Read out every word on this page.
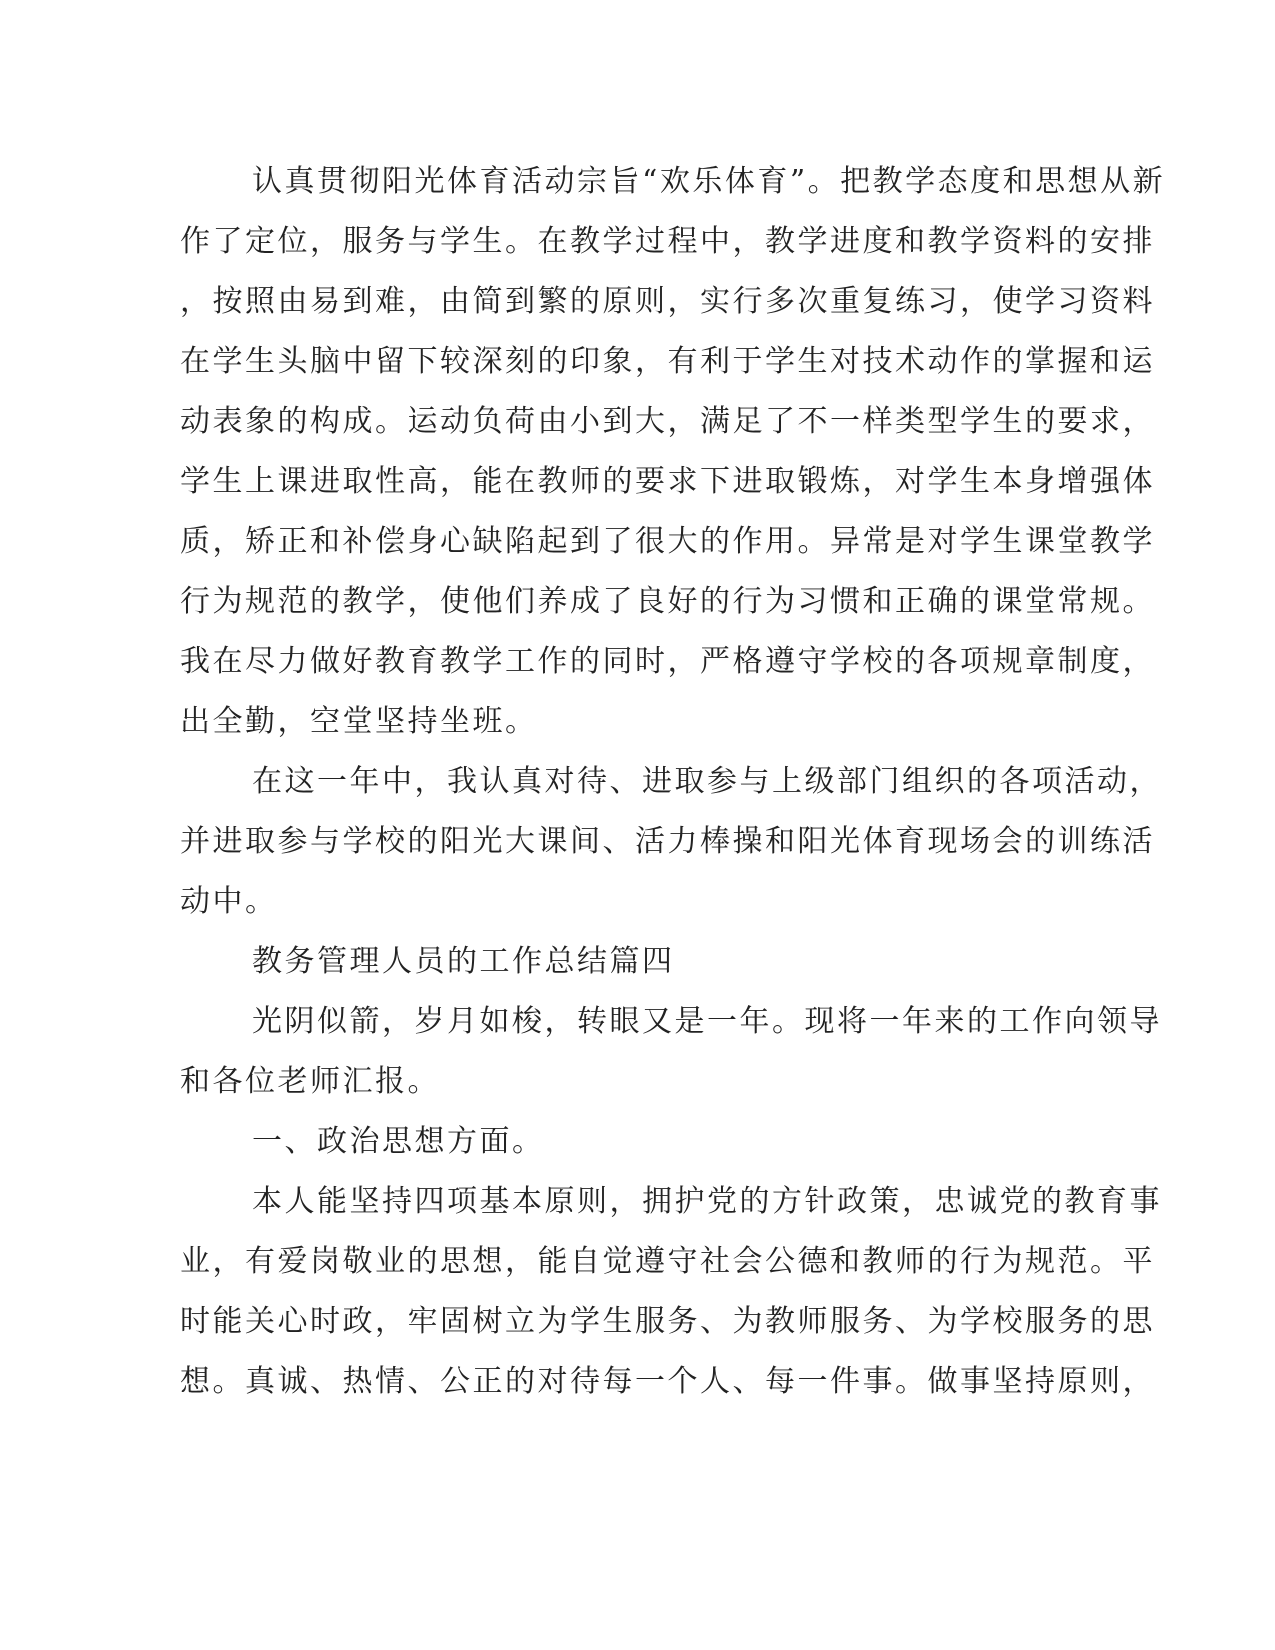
认真贯彻阳光体育活动宗旨“欢乐体育”。把教学态度和思想从新
作了定位，服务与学生。在教学过程中，教学进度和教学资料的安排
，按照由易到难，由简到繁的原则，实行多次重复练习，使学习资料
在学生头脑中留下较深刻的印象，有利于学生对技术动作的掌握和运
动表象的构成。运动负荷由小到大，满足了不一样类型学生的要求，
学生上课进取性高，能在教师的要求下进取锻炼，对学生本身增强体
质，矫正和补偿身心缺陷起到了很大的作用。异常是对学生课堂教学
行为规范的教学，使他们养成了良好的行为习惯和正确的课堂常规。
我在尽力做好教育教学工作的同时，严格遵守学校的各项规章制度，
出全勤，空堂坚持坐班。
在这一年中，我认真对待、进取参与上级部门组织的各项活动，
并进取参与学校的阳光大课间、活力棒操和阳光体育现场会的训练活
动中。
教务管理人员的工作总结篇四
光阴似箭，岁月如梭，转眼又是一年。现将一年来的工作向领导
和各位老师汇报。
一、政治思想方面。
本人能坚持四项基本原则，拥护党的方针政策，忠诚党的教育事
业，有爱岗敬业的思想，能自觉遵守社会公德和教师的行为规范。平
时能关心时政，牢固树立为学生服务、为教师服务、为学校服务的思
想。真诚、热情、公正的对待每一个人、每一件事。做事坚持原则，
